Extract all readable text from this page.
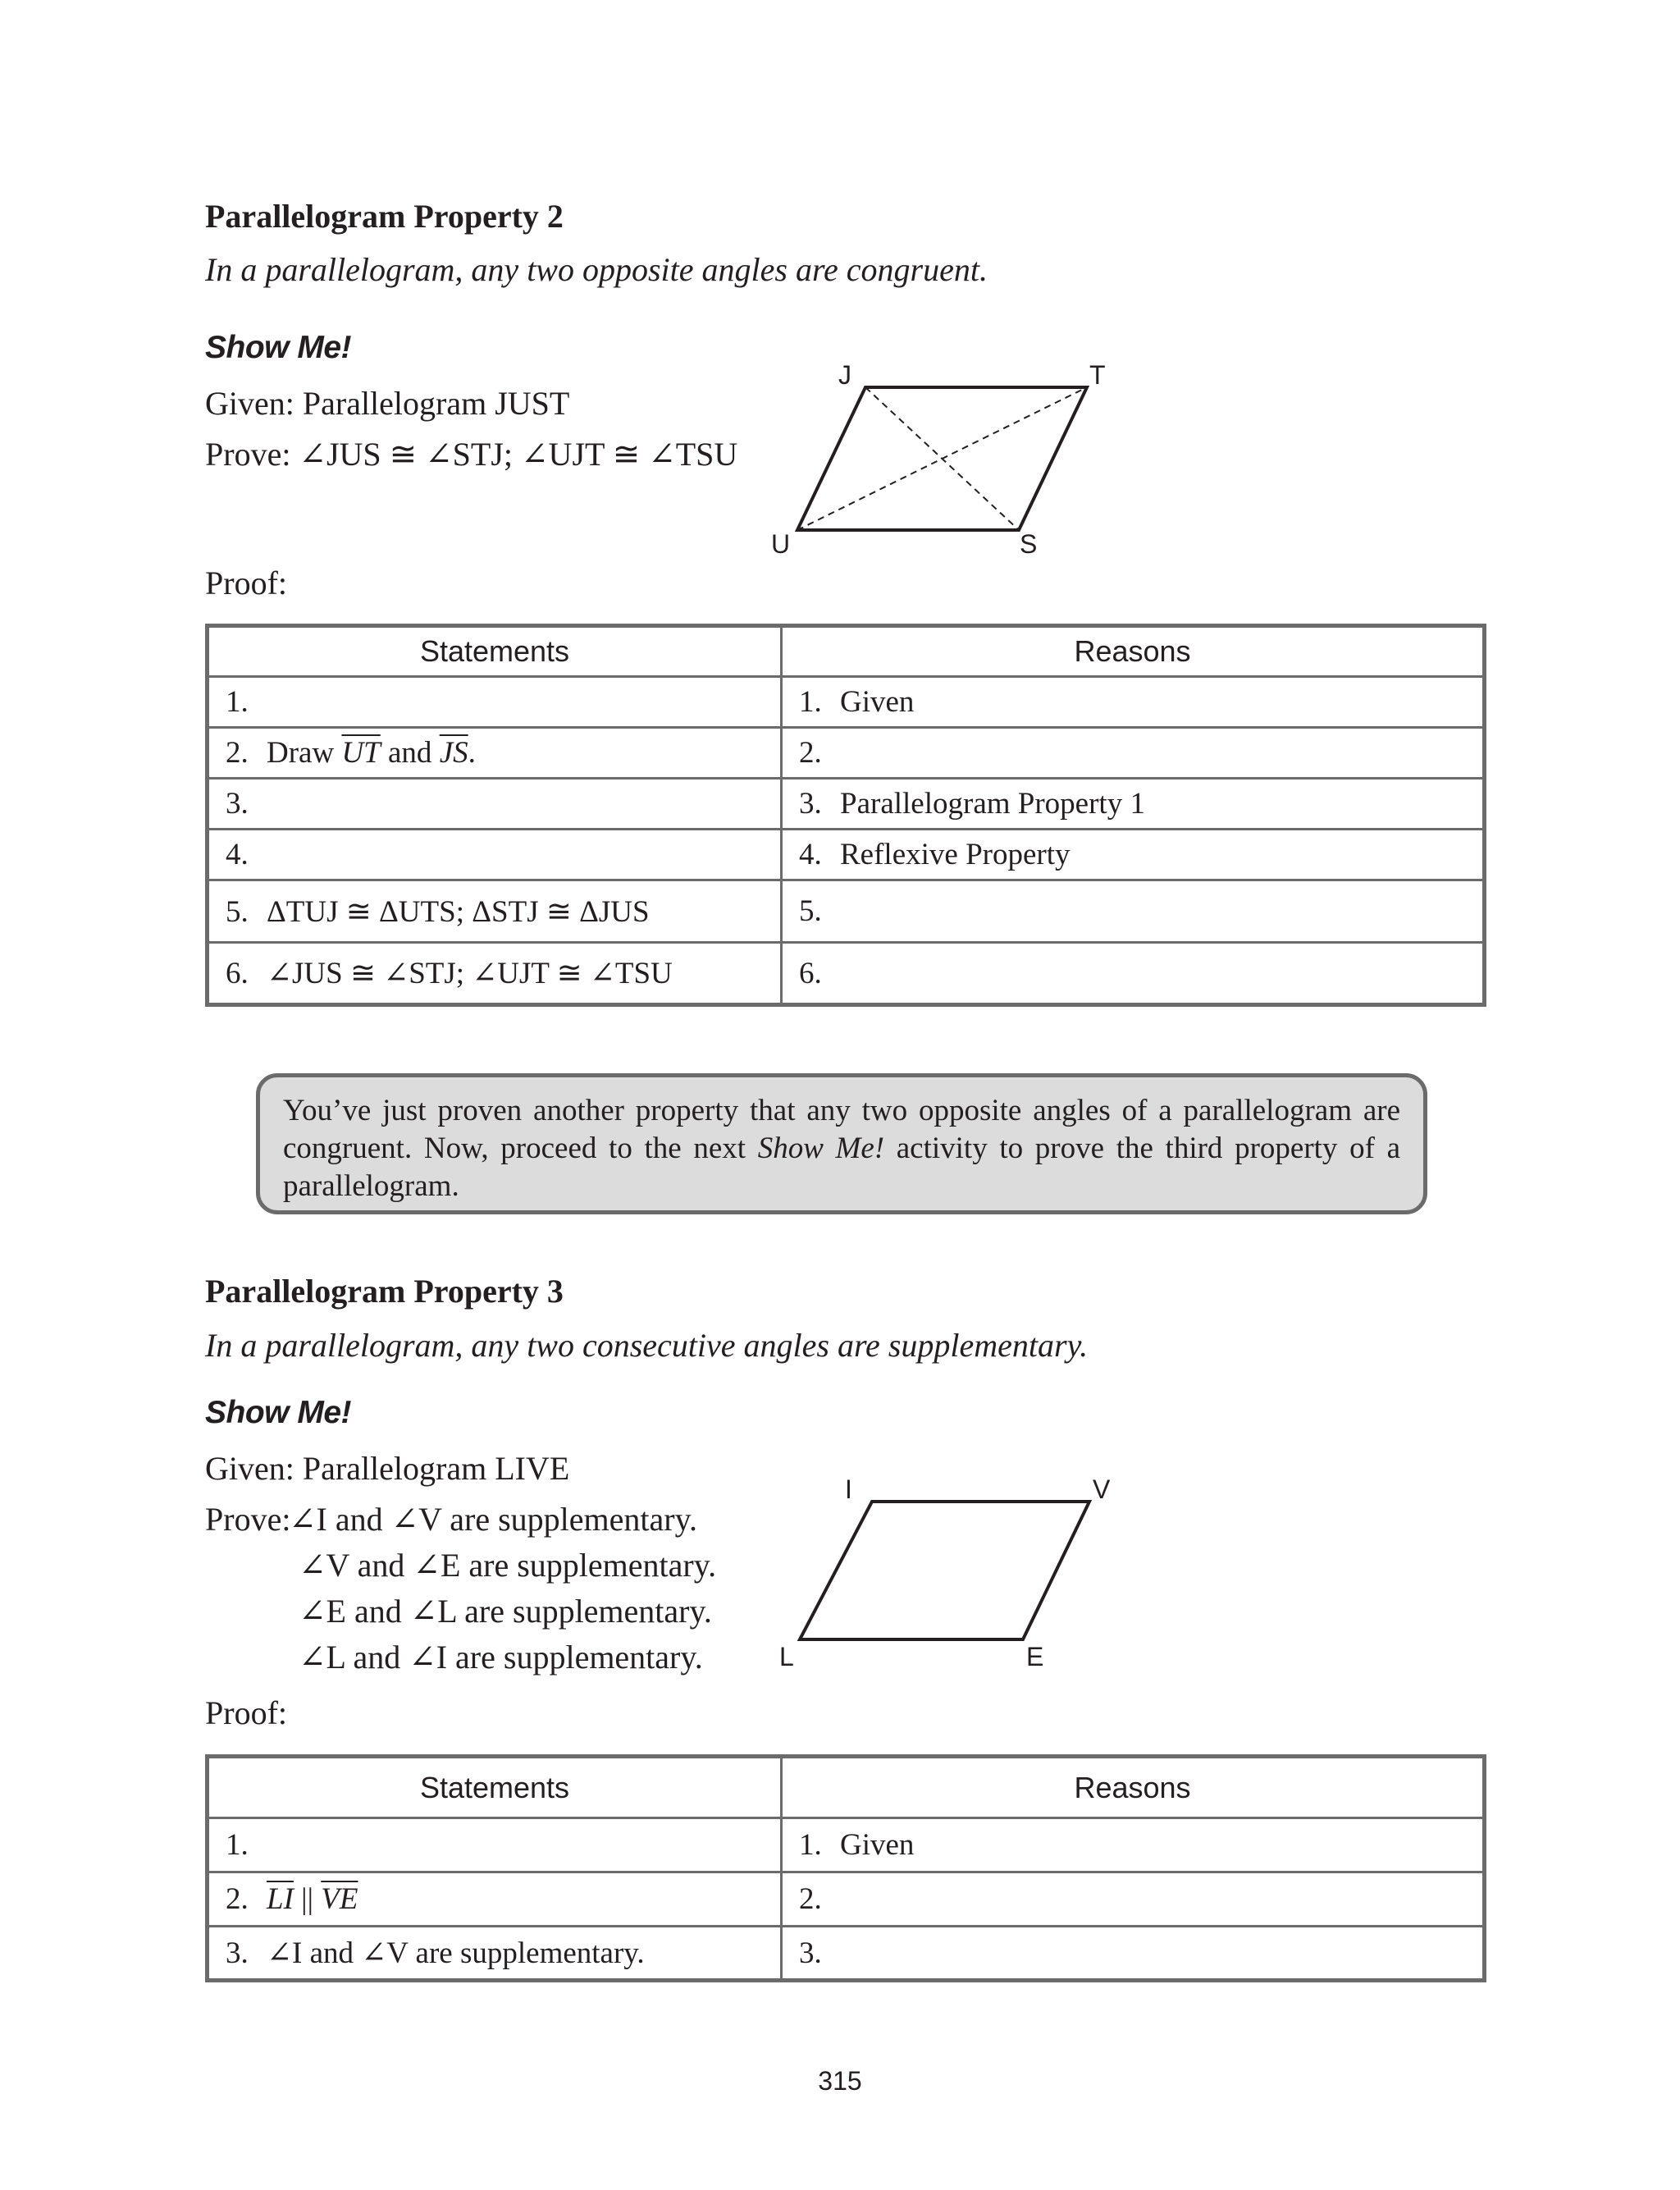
Parallelogram Property 2
In a parallelogram, any two opposite angles are congruent.
Show Me!
Given: Parallelogram JUST
Prove: ∠JUS ≅ ∠STJ; ∠UJT ≅ ∠TSU
J	T
U	S
Proof:
Statements	Reasons
1.	1. Given
2. Draw $\overline{UT}$ and $\overline{JS}$.	2.
3.	3. Parallelogram Property 1
4.	4. Reflexive Property
5. ΔTUJ ≅ ΔUTS; ΔSTJ ≅ ΔJUS	5.
6. ∠JUS ≅ ∠STJ; ∠UJT ≅ ∠TSU	6.
You’ve just proven another property that any two opposite angles of a parallelogram are congruent. Now, proceed to the next Show Me! activity to prove the third property of a parallelogram.
Parallelogram Property 3
In a parallelogram, any two consecutive angles are supplementary.
Show Me!
Given: Parallelogram LIVE
Prove:
∠I and ∠V are supplementary.
∠V and ∠E are supplementary.
∠E and ∠L are supplementary.
∠L and ∠I are supplementary.
I	V
L	E
Proof:
Statements	Reasons
1.	1. Given
2. $\overline{LI}$ || $\overline{VE}$	2.
3. ∠I and ∠V are supplementary.	3.
315
